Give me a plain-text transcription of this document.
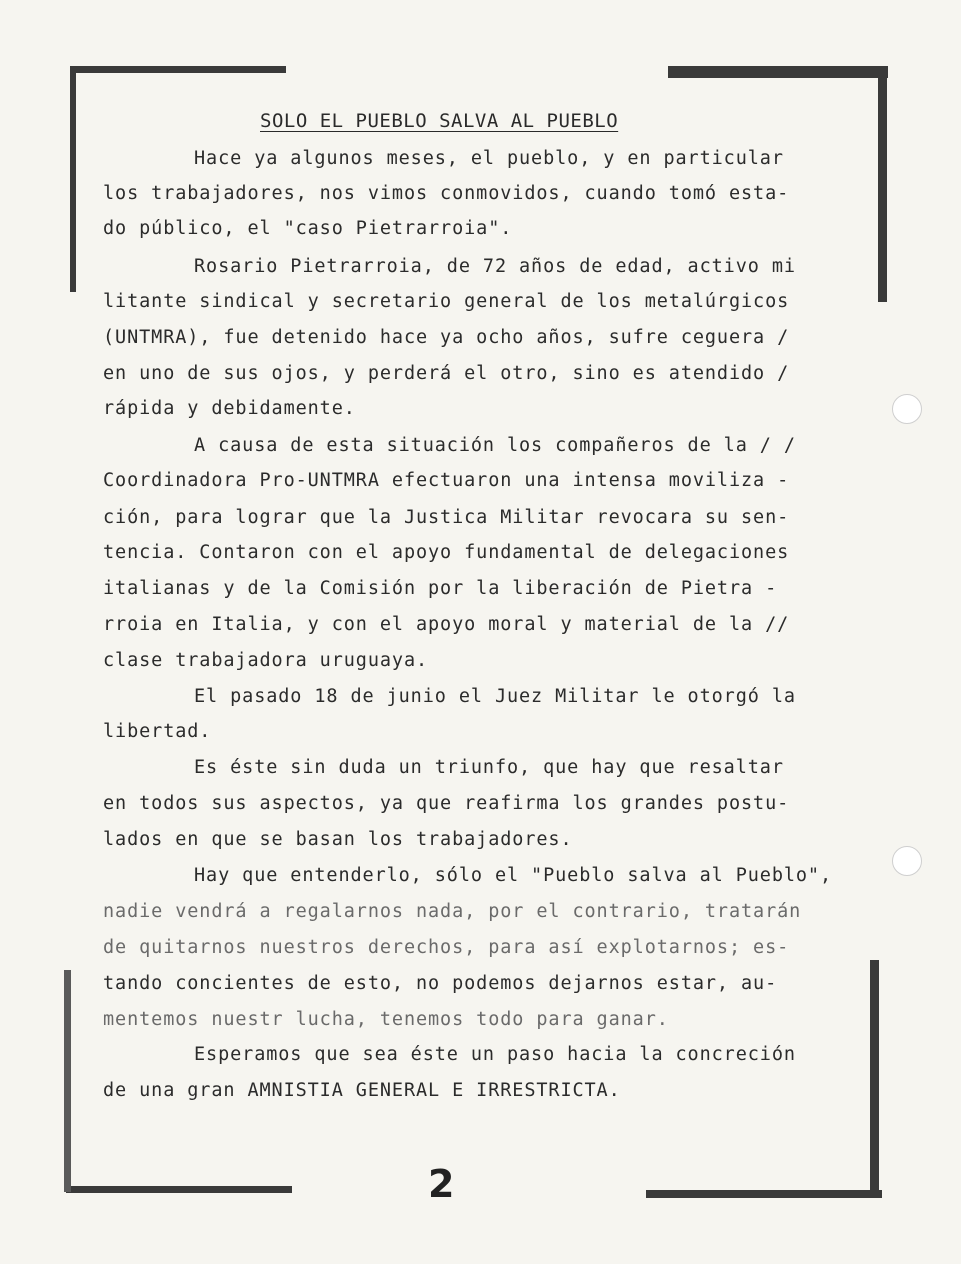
SOLO EL PUEBLO SALVA AL PUEBLO
Hace ya algunos meses, el pueblo, y en particular
los trabajadores, nos vimos conmovidos, cuando tomó esta-
do público, el "caso Pietrarroia".
Rosario Pietrarroia, de 72 años de edad, activo mi
litante sindical y secretario general de los metalúrgicos
(UNTMRA), fue detenido hace ya ocho años, sufre ceguera /
en uno de sus ojos, y perderá el otro, sino es atendido /
rápida y debidamente.
A causa de esta situación los compañeros de la / /
Coordinadora Pro-UNTMRA efectuaron una intensa moviliza -
ción, para lograr que la Justica Militar revocara su sen-
tencia. Contaron con el apoyo fundamental de delegaciones
italianas y de la Comisión por la liberación de Pietra -
rroia en Italia, y con el apoyo moral y material de la //
clase trabajadora uruguaya.
El pasado 18 de junio el Juez Militar le otorgó la
libertad.
Es éste sin duda un triunfo, que hay que resaltar
en todos sus aspectos, ya que reafirma los grandes postu-
lados en que se basan los trabajadores.
Hay que entenderlo, sólo el "Pueblo salva al Pueblo",
nadie vendrá a regalarnos nada, por el contrario, tratarán
de quitarnos nuestros derechos, para así explotarnos; es-
tando concientes de esto, no podemos dejarnos estar, au-
mentemos nuestr lucha, tenemos todo para ganar.
Esperamos que sea éste un paso hacia la concreción
de una gran AMNISTIA GENERAL E IRRESTRICTA.
2
